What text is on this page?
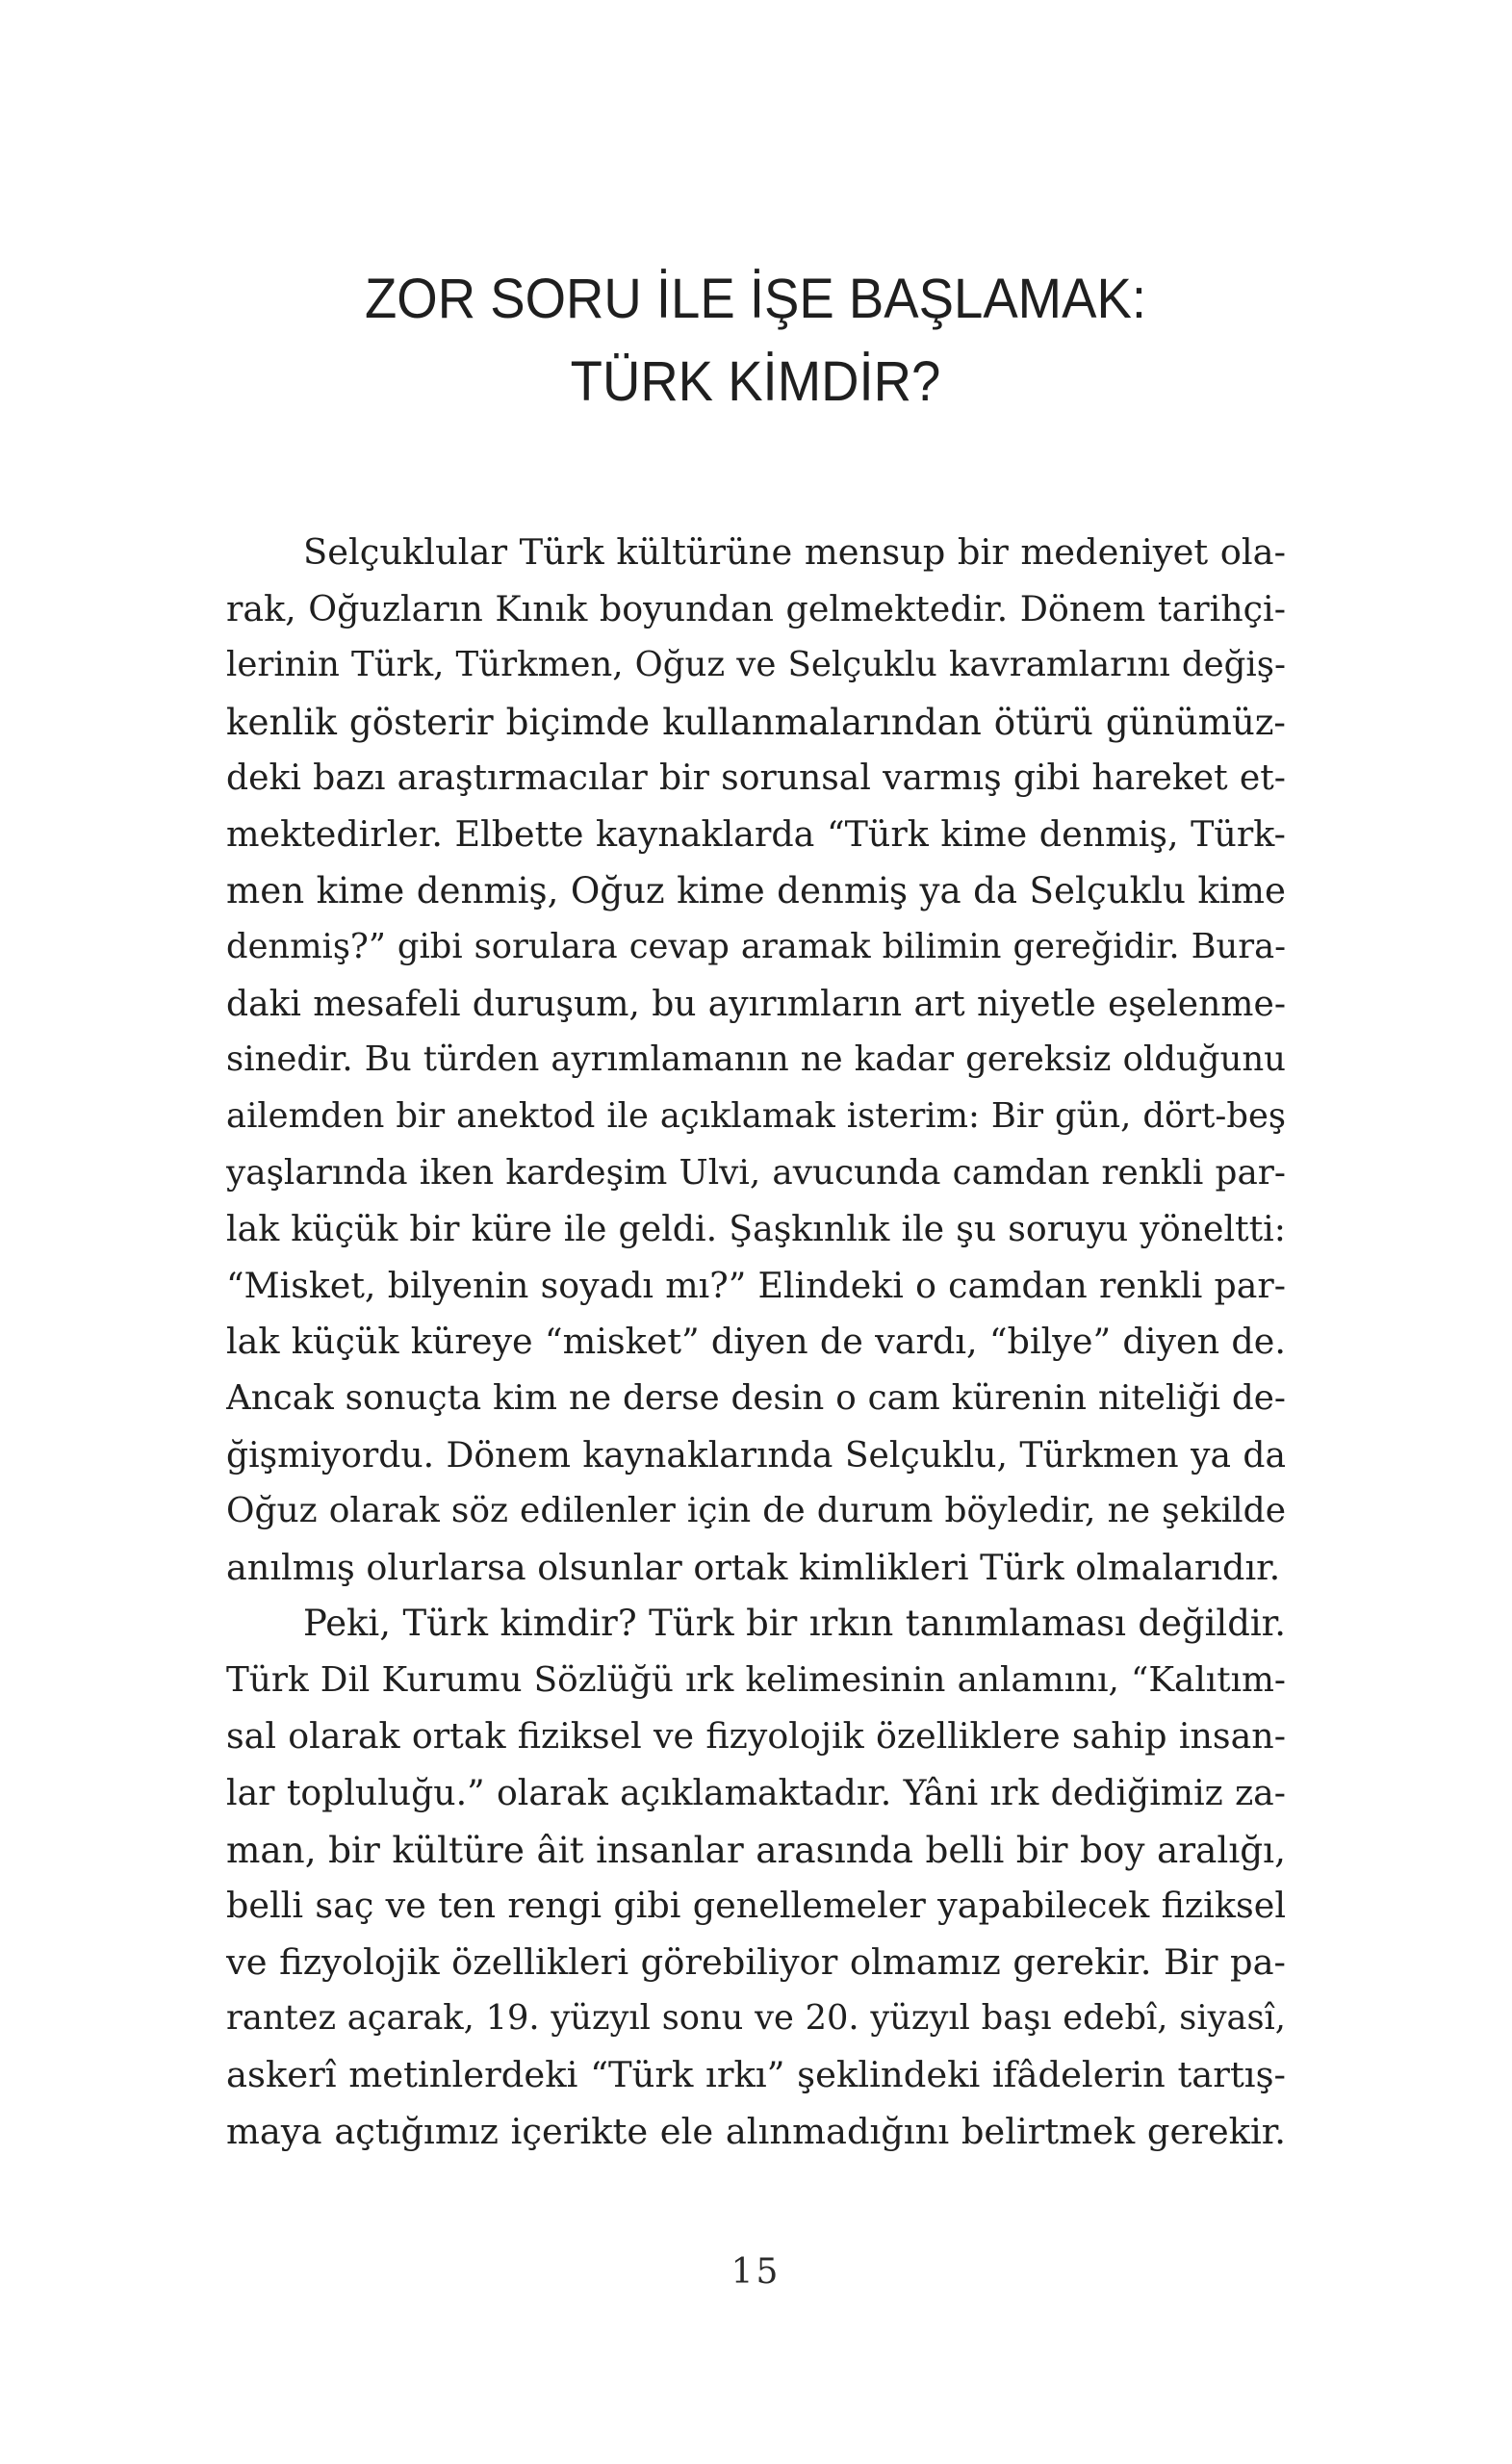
ZOR SORU İLE İŞE BAŞLAMAK:
TÜRK KİMDİR?
Selçuklular Türk kültürüne mensup bir medeniyet ola-
rak, Oğuzların Kınık boyundan gelmektedir. Dönem tarihçi-
lerinin Türk, Türkmen, Oğuz ve Selçuklu kavramlarını değiş-
kenlik gösterir biçimde kullanmalarından ötürü günümüz-
deki bazı araştırmacılar bir sorunsal varmış gibi hareket et-
mektedirler. Elbette kaynaklarda “Türk kime denmiş, Türk-
men kime denmiş, Oğuz kime denmiş ya da Selçuklu kime
denmiş?” gibi sorulara cevap aramak bilimin gereğidir. Bura-
daki mesafeli duruşum, bu ayırımların art niyetle eşelenme-
sinedir. Bu türden ayrımlamanın ne kadar gereksiz olduğunu
ailemden bir anektod ile açıklamak isterim: Bir gün, dört-beş
yaşlarında iken kardeşim Ulvi, avucunda camdan renkli par-
lak küçük bir küre ile geldi. Şaşkınlık ile şu soruyu yöneltti:
“Misket, bilyenin soyadı mı?” Elindeki o camdan renkli par-
lak küçük küreye “misket” diyen de vardı, “bilye” diyen de.
Ancak sonuçta kim ne derse desin o cam kürenin niteliği de-
ğişmiyordu. Dönem kaynaklarında Selçuklu, Türkmen ya da
Oğuz olarak söz edilenler için de durum böyledir, ne şekilde
anılmış olurlarsa olsunlar ortak kimlikleri Türk olmalarıdır.
Peki, Türk kimdir? Türk bir ırkın tanımlaması değildir.
Türk Dil Kurumu Sözlüğü ırk kelimesinin anlamını, “Kalıtım-
sal olarak ortak fiziksel ve fizyolojik özelliklere sahip insan-
lar topluluğu.” olarak açıklamaktadır. Yâni ırk dediğimiz za-
man, bir kültüre âit insanlar arasında belli bir boy aralığı,
belli saç ve ten rengi gibi genellemeler yapabilecek fiziksel
ve fizyolojik özellikleri görebiliyor olmamız gerekir. Bir pa-
rantez açarak, 19. yüzyıl sonu ve 20. yüzyıl başı edebî, siyasî,
askerî metinlerdeki “Türk ırkı” şeklindeki ifâdelerin tartış-
maya açtığımız içerikte ele alınmadığını belirtmek gerekir.
15
